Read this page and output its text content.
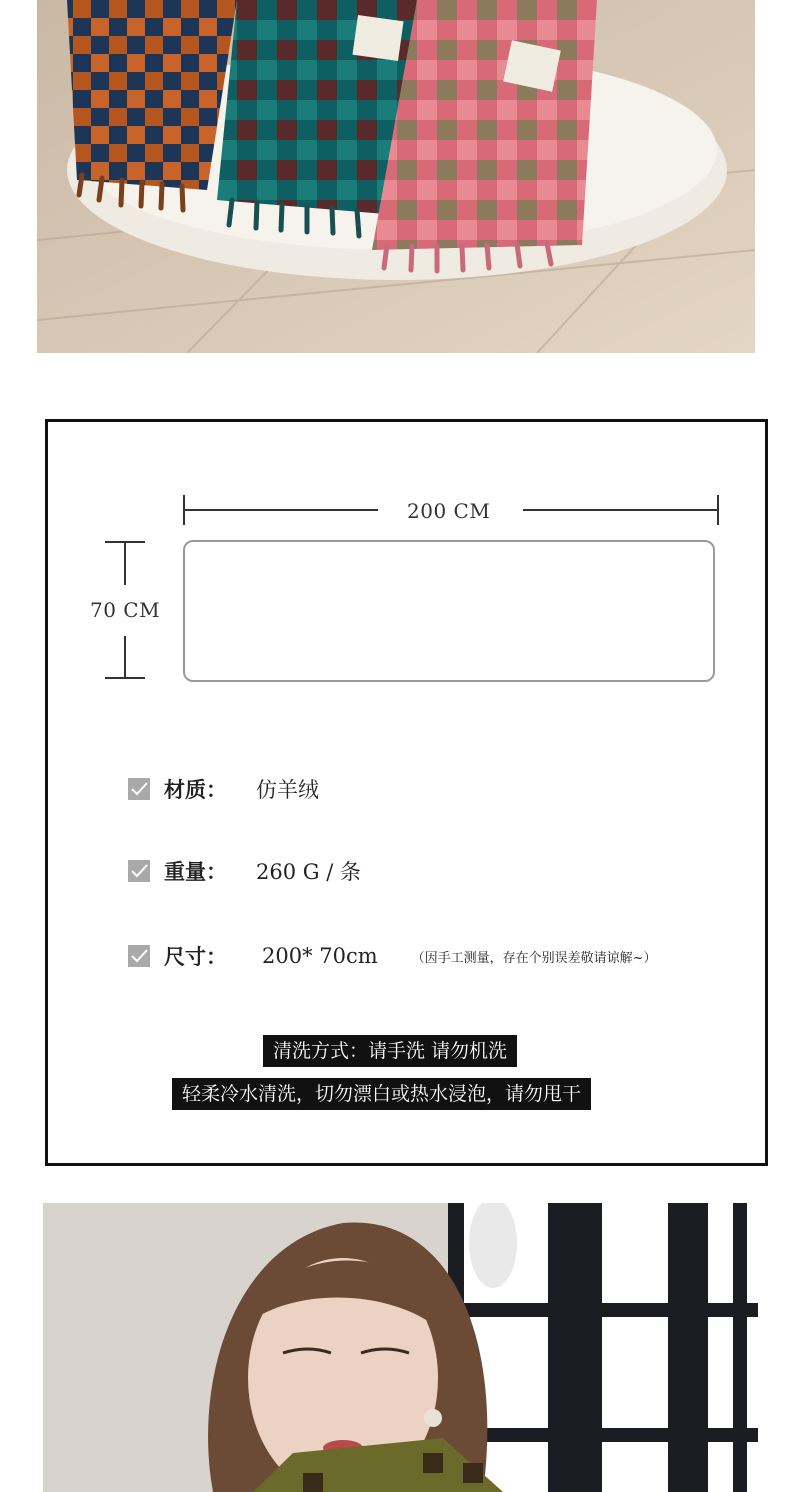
200 CM
70 CM
材质：	仿羊绒
重量：	260 G / 条
尺寸：	200* 70cm	（因手工测量，存在个别误差敬请谅解~）
清洗方式：请手洗 请勿机洗
轻柔冷水清洗，切勿漂白或热水浸泡，请勿甩干
